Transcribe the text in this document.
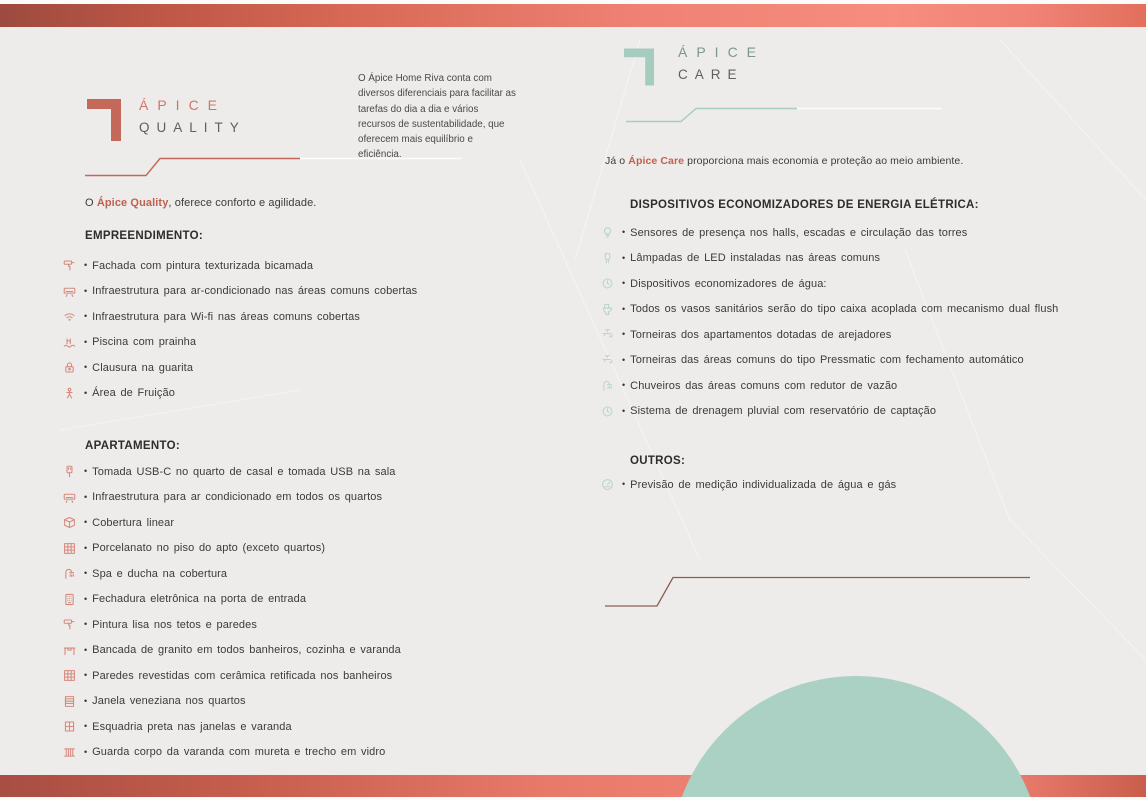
ÁPICE
QUALITY
O Ápice Home Riva conta com diversos diferenciais para facilitar as tarefas do dia a dia e vários recursos de sustentabilidade, que oferecem mais equilíbrio e eficiência.
O Ápice Quality, oferece conforto e agilidade.
EMPREENDIMENTO:
• Fachada com pintura texturizada bicamada
• Infraestrutura para ar-condicionado nas áreas comuns cobertas
• Infraestrutura para Wi-fi nas áreas comuns cobertas
• Piscina com prainha
• Clausura na guarita
• Área de Fruição
APARTAMENTO:
• Tomada USB-C no quarto de casal e tomada USB na sala
• Infraestrutura para ar condicionado em todos os quartos
• Cobertura linear
• Porcelanato no piso do apto (exceto quartos)
• Spa e ducha na cobertura
• Fechadura eletrônica na porta de entrada
• Pintura lisa nos tetos e paredes
• Bancada de granito em todos banheiros, cozinha e varanda
• Paredes revestidas com cerâmica retificada nos banheiros
• Janela veneziana nos quartos
• Esquadria preta nas janelas e varanda
• Guarda corpo da varanda com mureta e trecho em vidro
ÁPICE
CARE
Já o Ápice Care proporciona mais economia e proteção ao meio ambiente.
DISPOSITIVOS ECONOMIZADORES DE ENERGIA ELÉTRICA:
• Sensores de presença nos halls, escadas e circulação das torres
• Lâmpadas de LED instaladas nas áreas comuns
• Dispositivos economizadores de água:
• Todos os vasos sanitários serão do tipo caixa acoplada com mecanismo dual flush
• Torneiras dos apartamentos dotadas de arejadores
• Torneiras das áreas comuns do tipo Pressmatic com fechamento automático
• Chuveiros das áreas comuns com redutor de vazão
• Sistema de drenagem pluvial com reservatório de captação
OUTROS:
• Previsão de medição individualizada de água e gás
